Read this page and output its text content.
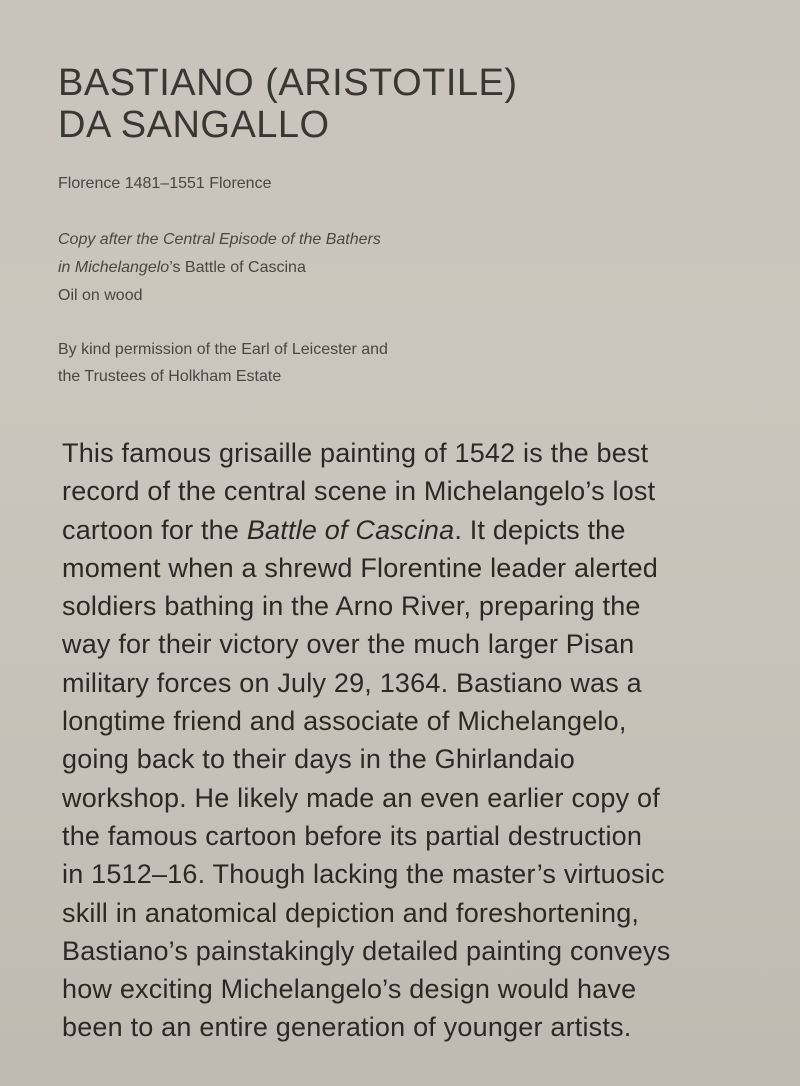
BASTIANO (ARISTOTILE)
DA SANGALLO
Florence 1481–1551 Florence
Copy after the Central Episode of the Bathers
in Michelangelo’s Battle of Cascina
Oil on wood
By kind permission of the Earl of Leicester and
the Trustees of Holkham Estate
This famous grisaille painting of 1542 is the best
record of the central scene in Michelangelo’s lost
cartoon for the Battle of Cascina. It depicts the
moment when a shrewd Florentine leader alerted
soldiers bathing in the Arno River, preparing the
way for their victory over the much larger Pisan
military forces on July 29, 1364. Bastiano was a
longtime friend and associate of Michelangelo,
going back to their days in the Ghirlandaio
workshop. He likely made an even earlier copy of
the famous cartoon before its partial destruction
in 1512–16. Though lacking the master’s virtuosic
skill in anatomical depiction and foreshortening,
Bastiano’s painstakingly detailed painting conveys
how exciting Michelangelo’s design would have
been to an entire generation of younger artists.
